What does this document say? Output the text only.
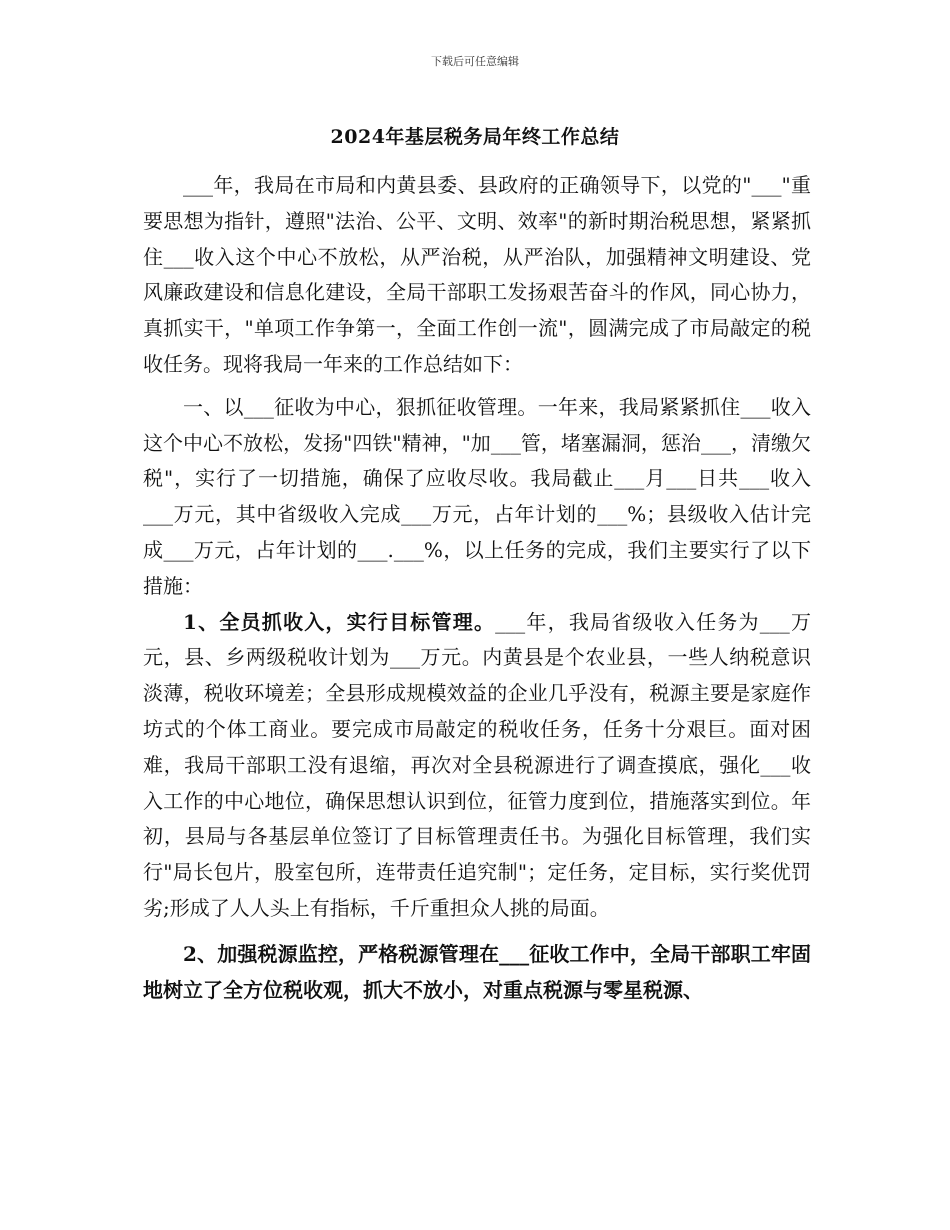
下载后可任意编辑
2024年基层税务局年终工作总结

___年，我局在市局和内黄县委、县政府的正确领导下，以党的"___"重要思想为指针，遵照"法治、公平、文明、效率"的新时期治税思想，紧紧抓住___收入这个中心不放松，从严治税，从严治队，加强精神文明建设、党风廉政建设和信息化建设，全局干部职工发扬艰苦奋斗的作风，同心协力，真抓实干，"单项工作争第一，全面工作创一流"，圆满完成了市局敲定的税收任务。现将我局一年来的工作总结如下：

一、以___征收为中心，狠抓征收管理。一年来，我局紧紧抓住___收入这个中心不放松，发扬"四铁"精神，"加___管，堵塞漏洞，惩治___，清缴欠税"，实行了一切措施，确保了应收尽收。我局截止___月___日共___收入___万元，其中省级收入完成___万元，占年计划的___%；县级收入估计完成___万元，占年计划的___.___%，以上任务的完成，我们主要实行了以下措施：

1、全员抓收入，实行目标管理。___年，我局省级收入任务为___万元，县、乡两级税收计划为___万元。内黄县是个农业县，一些人纳税意识淡薄，税收环境差；全县形成规模效益的企业几乎没有，税源主要是家庭作坊式的个体工商业。要完成市局敲定的税收任务，任务十分艰巨。面对困难，我局干部职工没有退缩，再次对全县税源进行了调查摸底，强化___收入工作的中心地位，确保思想认识到位，征管力度到位，措施落实到位。年初，县局与各基层单位签订了目标管理责任书。为强化目标管理，我们实行"局长包片，股室包所，连带责任追究制"；定任务，定目标，实行奖优罚劣;形成了人人头上有指标，千斤重担众人挑的局面。

2、加强税源监控，严格税源管理在___征收工作中，全局干部职工牢固地树立了全方位税收观，抓大不放小，对重点税源与零星税源、
